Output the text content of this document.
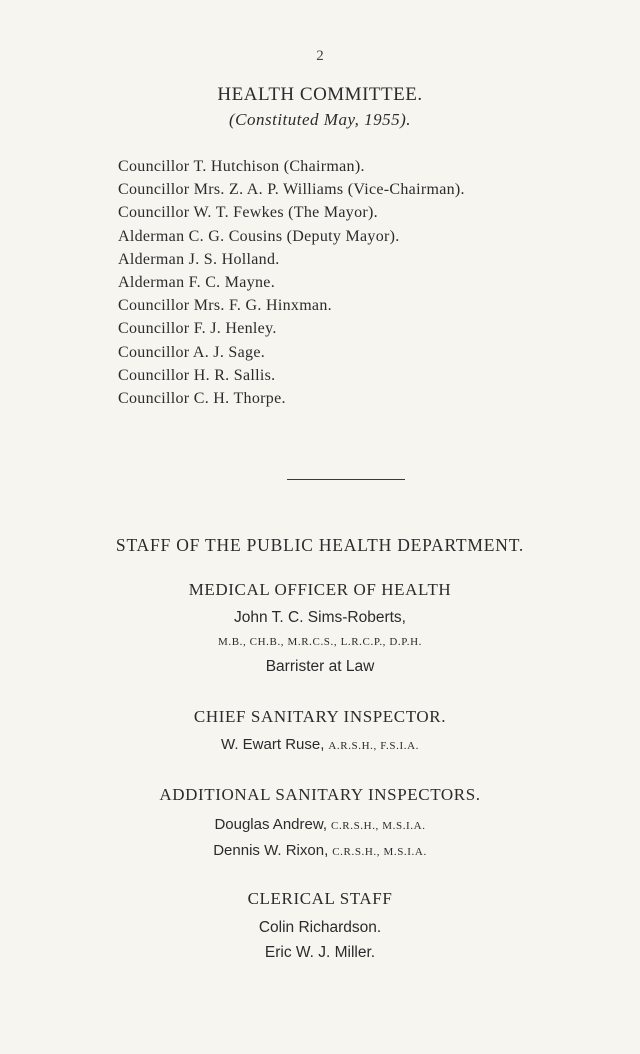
2
HEALTH COMMITTEE.
(Constituted May, 1955).
Councillor T. Hutchison (Chairman).
Councillor Mrs. Z. A. P. Williams (Vice-Chairman).
Councillor W. T. Fewkes (The Mayor).
Alderman C. G. Cousins (Deputy Mayor).
Alderman J. S. Holland.
Alderman F. C. Mayne.
Councillor Mrs. F. G. Hinxman.
Councillor F. J. Henley.
Councillor A. J. Sage.
Councillor H. R. Sallis.
Councillor C. H. Thorpe.
STAFF OF THE PUBLIC HEALTH DEPARTMENT.
MEDICAL OFFICER OF HEALTH
John T. C. Sims-Roberts,
M.B., CH.B., M.R.C.S., L.R.C.P., D.P.H.
Barrister at Law
CHIEF SANITARY INSPECTOR.
W. Ewart Ruse, A.R.S.H., F.S.I.A.
ADDITIONAL SANITARY INSPECTORS.
Douglas Andrew, C.R.S.H., M.S.I.A.
Dennis W. Rixon, C.R.S.H., M.S.I.A.
CLERICAL STAFF
Colin Richardson.
Eric W. J. Miller.
